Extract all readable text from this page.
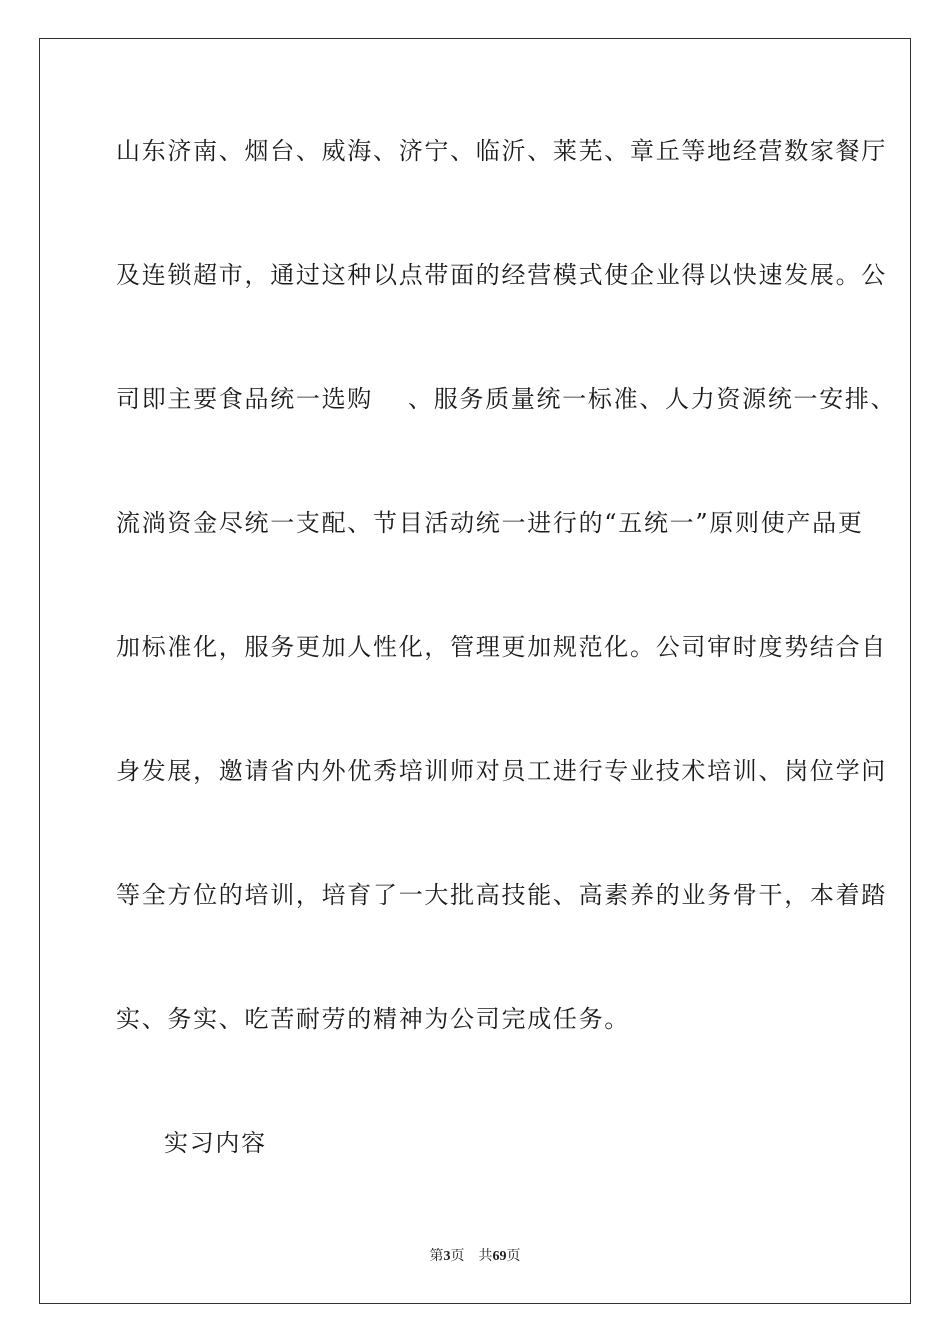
山东济南、烟台、威海、济宁、临沂、莱芜、章丘等地经营数家餐厅
及连锁超市，通过这种以点带面的经营模式使企业得以快速发展。公
司即主要食品统一选购　 、服务质量统一标准、人力资源统一安排、
流淌资金尽统一支配、节目活动统一进行的“五统一”原则使产品更
加标准化，服务更加人性化，管理更加规范化。公司审时度势结合自
身发展，邀请省内外优秀培训师对员工进行专业技术培训、岗位学问
等全方位的培训，培育了一大批高技能、高素养的业务骨干，本着踏
实、务实、吃苦耐劳的精神为公司完成任务。
实习内容
第3页 共69页
